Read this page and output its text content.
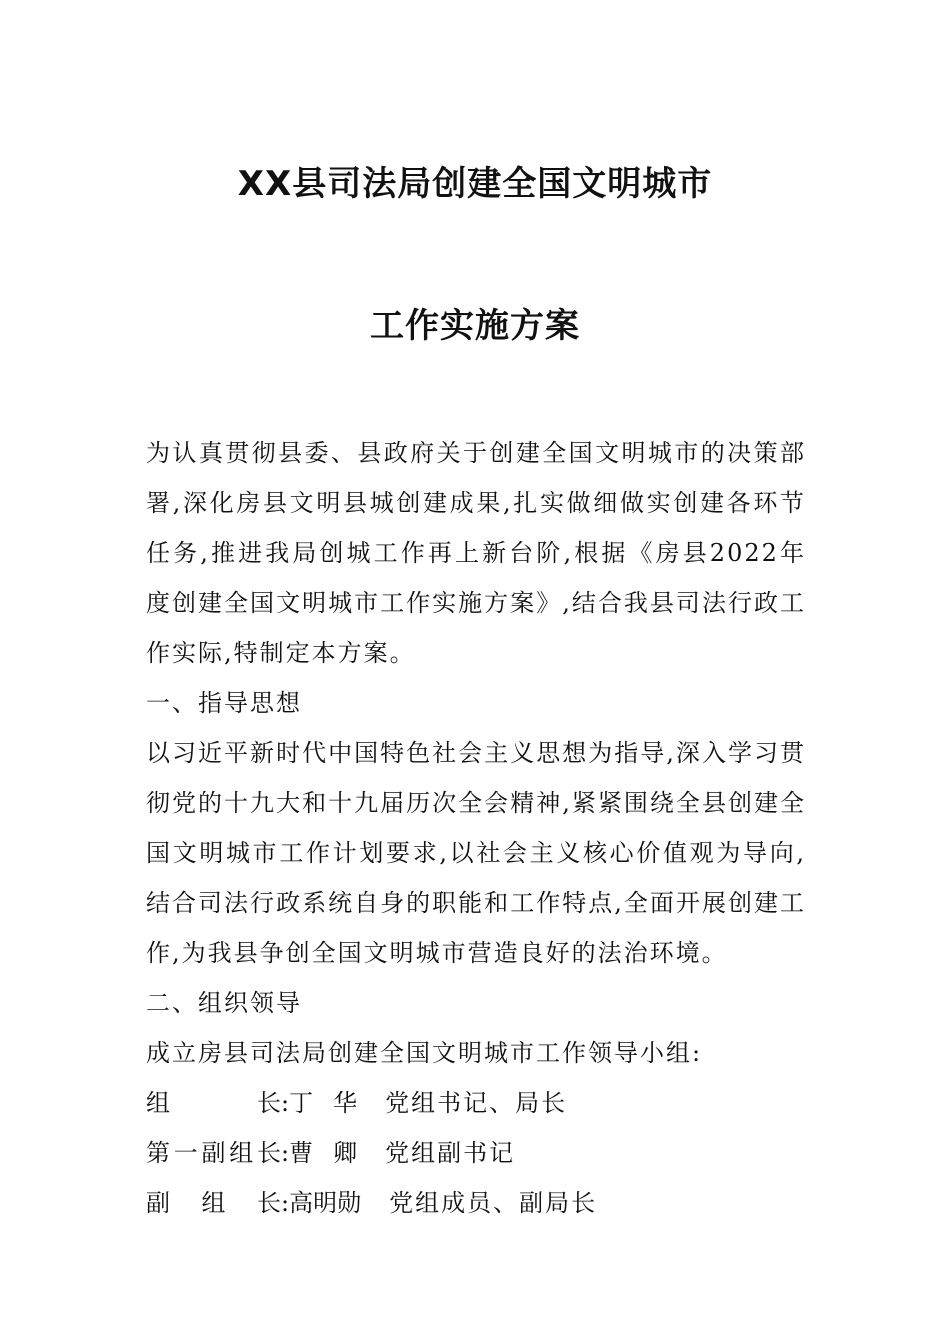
XX县司法局创建全国文明城市
工作实施方案

为认真贯彻县委、县政府关于创建全国文明城市的决策部署,深化房县文明县城创建成果,扎实做细做实创建各环节任务,推进我局创城工作再上新台阶,根据《房县2022年度创建全国文明城市工作实施方案》,结合我县司法行政工作实际,特制定本方案。

一、指导思想

以习近平新时代中国特色社会主义思想为指导,深入学习贯彻党的十九大和十九届历次全会精神,紧紧围绕全县创建全国文明城市工作计划要求,以社会主义核心价值观为导向,结合司法行政系统自身的职能和工作特点,全面开展创建工作,为我县争创全国文明城市营造良好的法治环境。

二、组织领导

成立房县司法局创建全国文明城市工作领导小组:

组	长 : 丁 华 党组书记、局长
第 一 副 组 长 : 曹 卿 党组副书记
副 组 长 : 高 明 勋 党组成员、副局长
